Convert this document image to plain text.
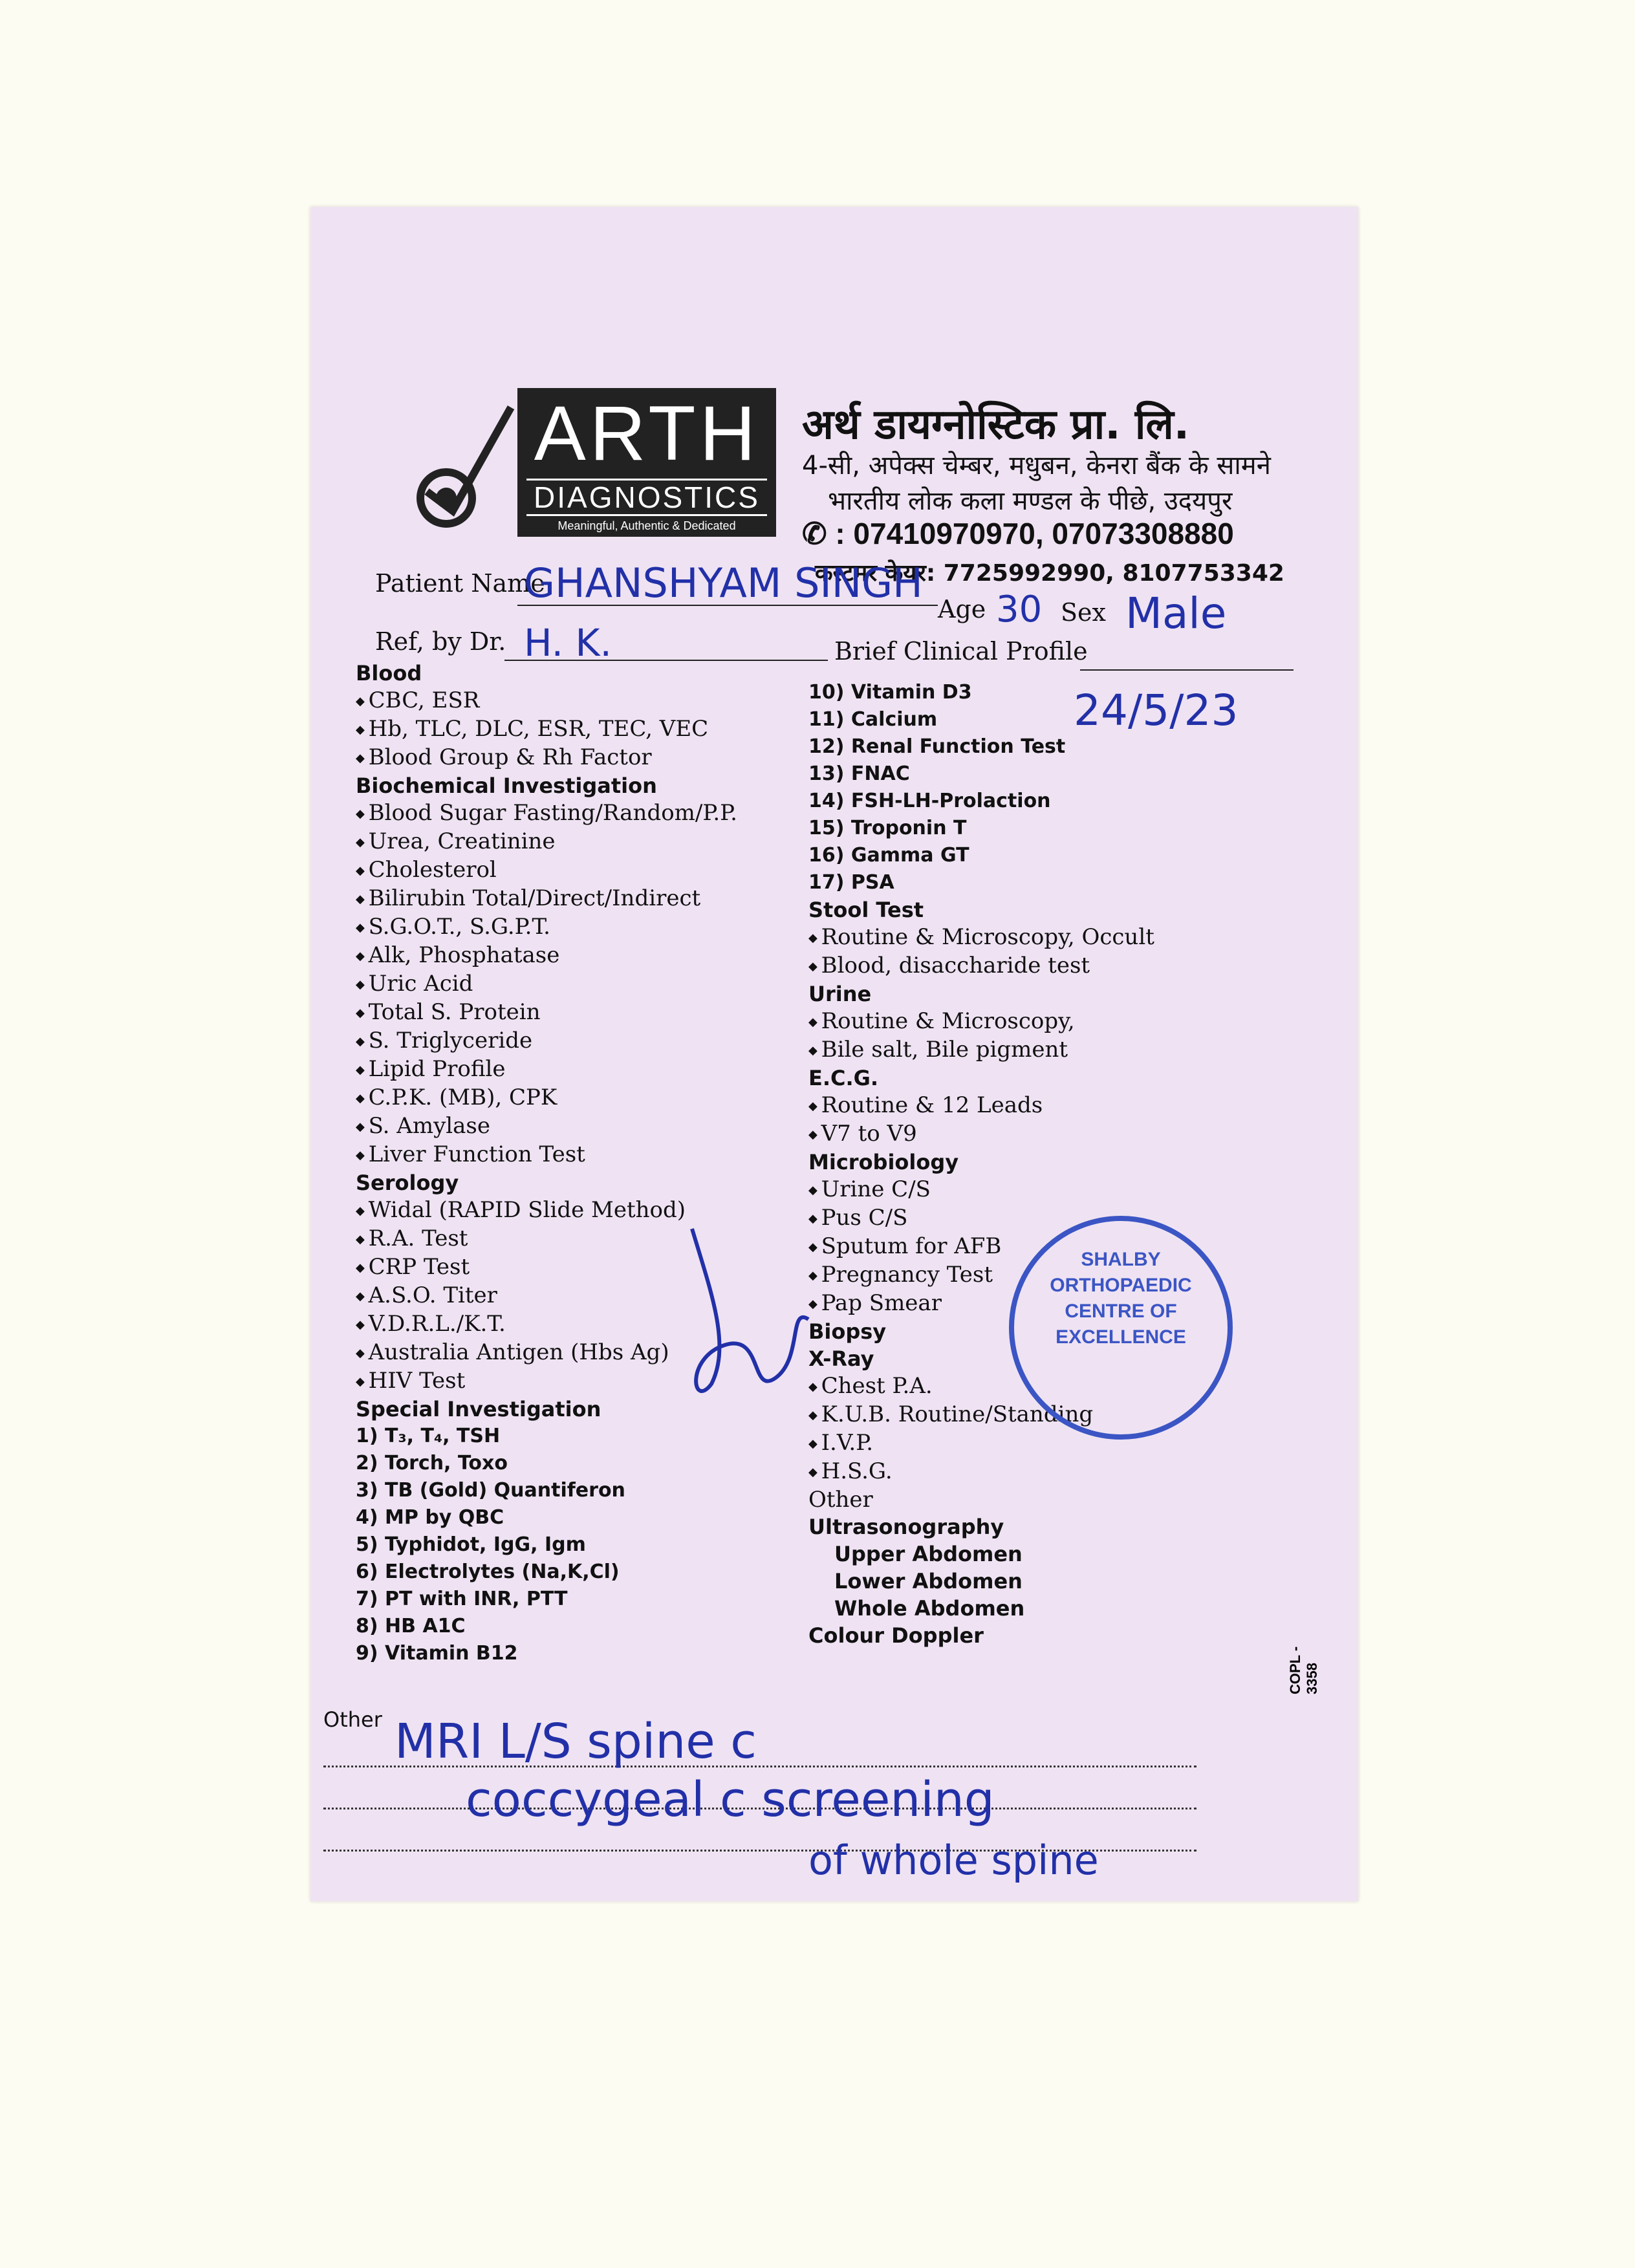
ARTH
DIAGNOSTICS
Meaningful, Authentic & Dedicated
अर्थ डायग्नोस्टिक प्रा. लि.
4-सी, अपेक्स चेम्बर, मधुबन, केनरा बैंक के सामने
भारतीय लोक कला मण्डल के पीछे, उदयपुर
✆ : 07410970970, 07073308880
कस्टमर केयर: 7725992990, 8107753342
Patient Name
GHANSHYAM SINGH
Age 30 Sex Male
Ref, by Dr. H. K.	Brief Clinical Profile
24/5/23
Blood
◆ CBC, ESR
◆ Hb, TLC, DLC, ESR, TEC, VEC
◆ Blood Group & Rh Factor
Biochemical Investigation
◆ Blood Sugar Fasting/Random/P.P.
◆ Urea, Creatinine
◆ Cholesterol
◆ Bilirubin Total/Direct/Indirect
◆ S.G.O.T., S.G.P.T.
◆ Alk, Phosphatase
◆ Uric Acid
◆ Total S. Protein
◆ S. Triglyceride
◆ Lipid Profile
◆ C.P.K. (MB), CPK
◆ S. Amylase
◆ Liver Function Test
Serology
◆ Widal (RAPID Slide Method)
◆ R.A. Test
◆ CRP Test
◆ A.S.O. Titer
◆ V.D.R.L./K.T.
◆ Australia Antigen (Hbs Ag)
◆ HIV Test
Special Investigation
1) T₃, T₄, TSH
2) Torch, Toxo
3) TB (Gold) Quantiferon
4) MP by QBC
5) Typhidot, IgG, Igm
6) Electrolytes (Na,K,Cl)
7) PT with INR, PTT
8) HB A1C
9) Vitamin B12
10) Vitamin D3
11) Calcium
12) Renal Function Test
13) FNAC
14) FSH-LH-Prolaction
15) Troponin T
16) Gamma GT
17) PSA
Stool Test
◆ Routine & Microscopy, Occult
◆ Blood, disaccharide test
Urine
◆ Routine & Microscopy,
◆ Bile salt, Bile pigment
E.C.G.
◆ Routine & 12 Leads
◆ V7 to V9
Microbiology
◆ Urine C/S
◆ Pus C/S
◆ Sputum for AFB
◆ Pregnancy Test
◆ Pap Smear
Biopsy
X-Ray
◆ Chest P.A.
◆ K.U.B. Routine/Standing
◆ I.V.P.
◆ H.S.G.
Other
Ultrasonography
Upper Abdomen
Lower Abdomen
Whole Abdomen
Colour Doppler
SHALBY ORTHOPAEDIC CENTRE OF EXCELLENCE
Other MRI L/S spine c
coccygeal c screening
of whole spine
COPL - 3358
